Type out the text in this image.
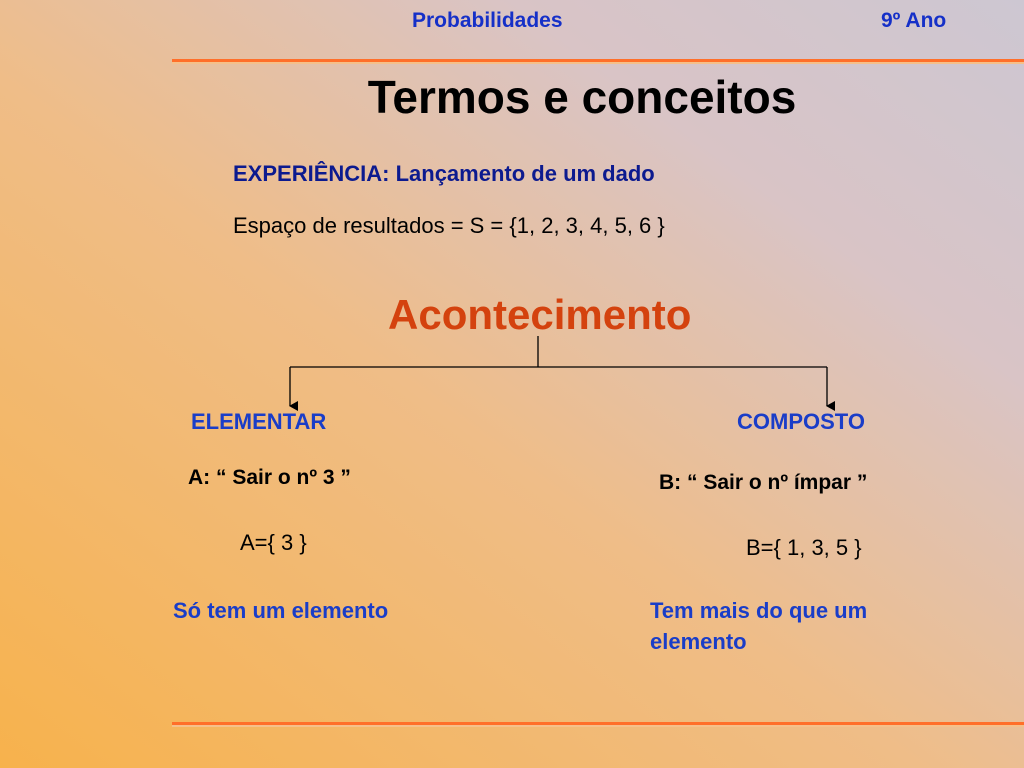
Probabilidades	9º Ano
Termos e conceitos
EXPERIÊNCIA: Lançamento de um dado
Espaço de resultados = S = {1, 2, 3, 4, 5, 6 }
Acontecimento
ELEMENTAR
A: “ Sair o nº 3 ”
A={ 3 }
Só tem um elemento
COMPOSTO
B: “ Sair o nº ímpar ”
B={ 1, 3, 5 }
Tem mais do que um
elemento
